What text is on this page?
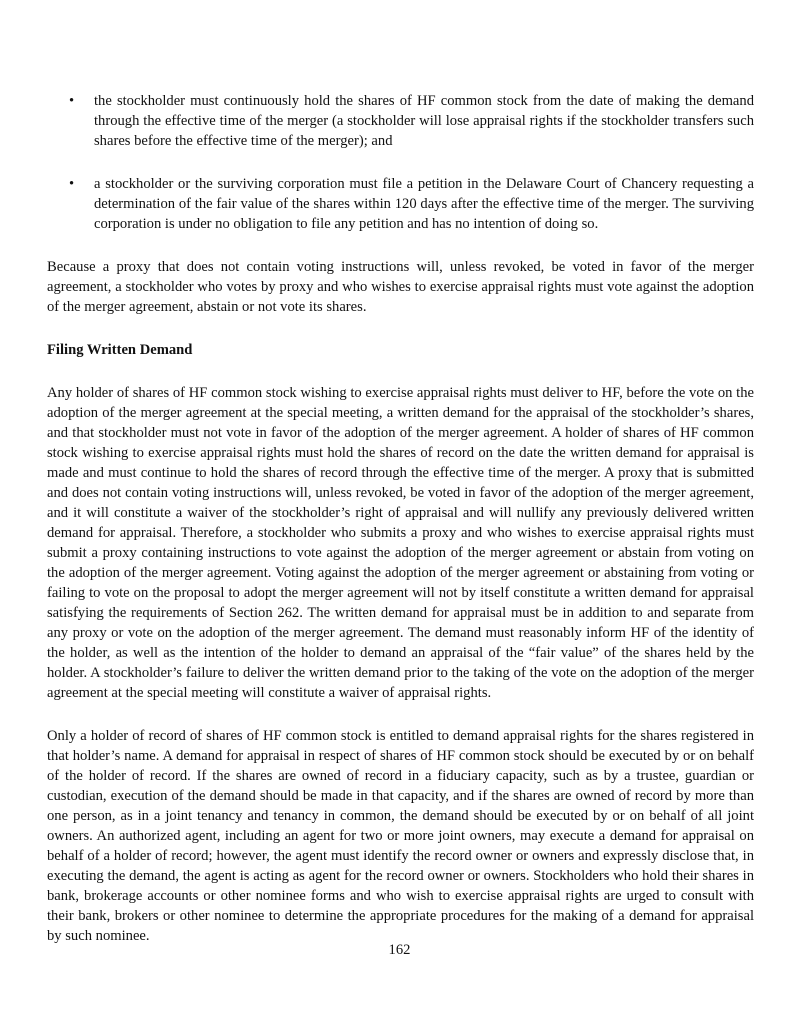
• the stockholder must continuously hold the shares of HF common stock from the date of making the demand through the effective time of the merger (a stockholder will lose appraisal rights if the stockholder transfers such shares before the effective time of the merger); and
• a stockholder or the surviving corporation must file a petition in the Delaware Court of Chancery requesting a determination of the fair value of the shares within 120 days after the effective time of the merger. The surviving corporation is under no obligation to file any petition and has no intention of doing so.

Because a proxy that does not contain voting instructions will, unless revoked, be voted in favor of the merger agreement, a stockholder who votes by proxy and who wishes to exercise appraisal rights must vote against the adoption of the merger agreement, abstain or not vote its shares.

Filing Written Demand

Any holder of shares of HF common stock wishing to exercise appraisal rights must deliver to HF, before the vote on the adoption of the merger agreement at the special meeting, a written demand for the appraisal of the stockholder’s shares, and that stockholder must not vote in favor of the adoption of the merger agreement. A holder of shares of HF common stock wishing to exercise appraisal rights must hold the shares of record on the date the written demand for appraisal is made and must continue to hold the shares of record through the effective time of the merger. A proxy that is submitted and does not contain voting instructions will, unless revoked, be voted in favor of the adoption of the merger agreement, and it will constitute a waiver of the stockholder’s right of appraisal and will nullify any previously delivered written demand for appraisal. Therefore, a stockholder who submits a proxy and who wishes to exercise appraisal rights must submit a proxy containing instructions to vote against the adoption of the merger agreement or abstain from voting on the adoption of the merger agreement. Voting against the adoption of the merger agreement or abstaining from voting or failing to vote on the proposal to adopt the merger agreement will not by itself constitute a written demand for appraisal satisfying the requirements of Section 262. The written demand for appraisal must be in addition to and separate from any proxy or vote on the adoption of the merger agreement. The demand must reasonably inform HF of the identity of the holder, as well as the intention of the holder to demand an appraisal of the “fair value” of the shares held by the holder. A stockholder’s failure to deliver the written demand prior to the taking of the vote on the adoption of the merger agreement at the special meeting will constitute a waiver of appraisal rights.

Only a holder of record of shares of HF common stock is entitled to demand appraisal rights for the shares registered in that holder’s name. A demand for appraisal in respect of shares of HF common stock should be executed by or on behalf of the holder of record. If the shares are owned of record in a fiduciary capacity, such as by a trustee, guardian or custodian, execution of the demand should be made in that capacity, and if the shares are owned of record by more than one person, as in a joint tenancy and tenancy in common, the demand should be executed by or on behalf of all joint owners. An authorized agent, including an agent for two or more joint owners, may execute a demand for appraisal on behalf of a holder of record; however, the agent must identify the record owner or owners and expressly disclose that, in executing the demand, the agent is acting as agent for the record owner or owners. Stockholders who hold their shares in bank, brokerage accounts or other nominee forms and who wish to exercise appraisal rights are urged to consult with their bank, brokers or other nominee to determine the appropriate procedures for the making of a demand for appraisal by such nominee.

162
